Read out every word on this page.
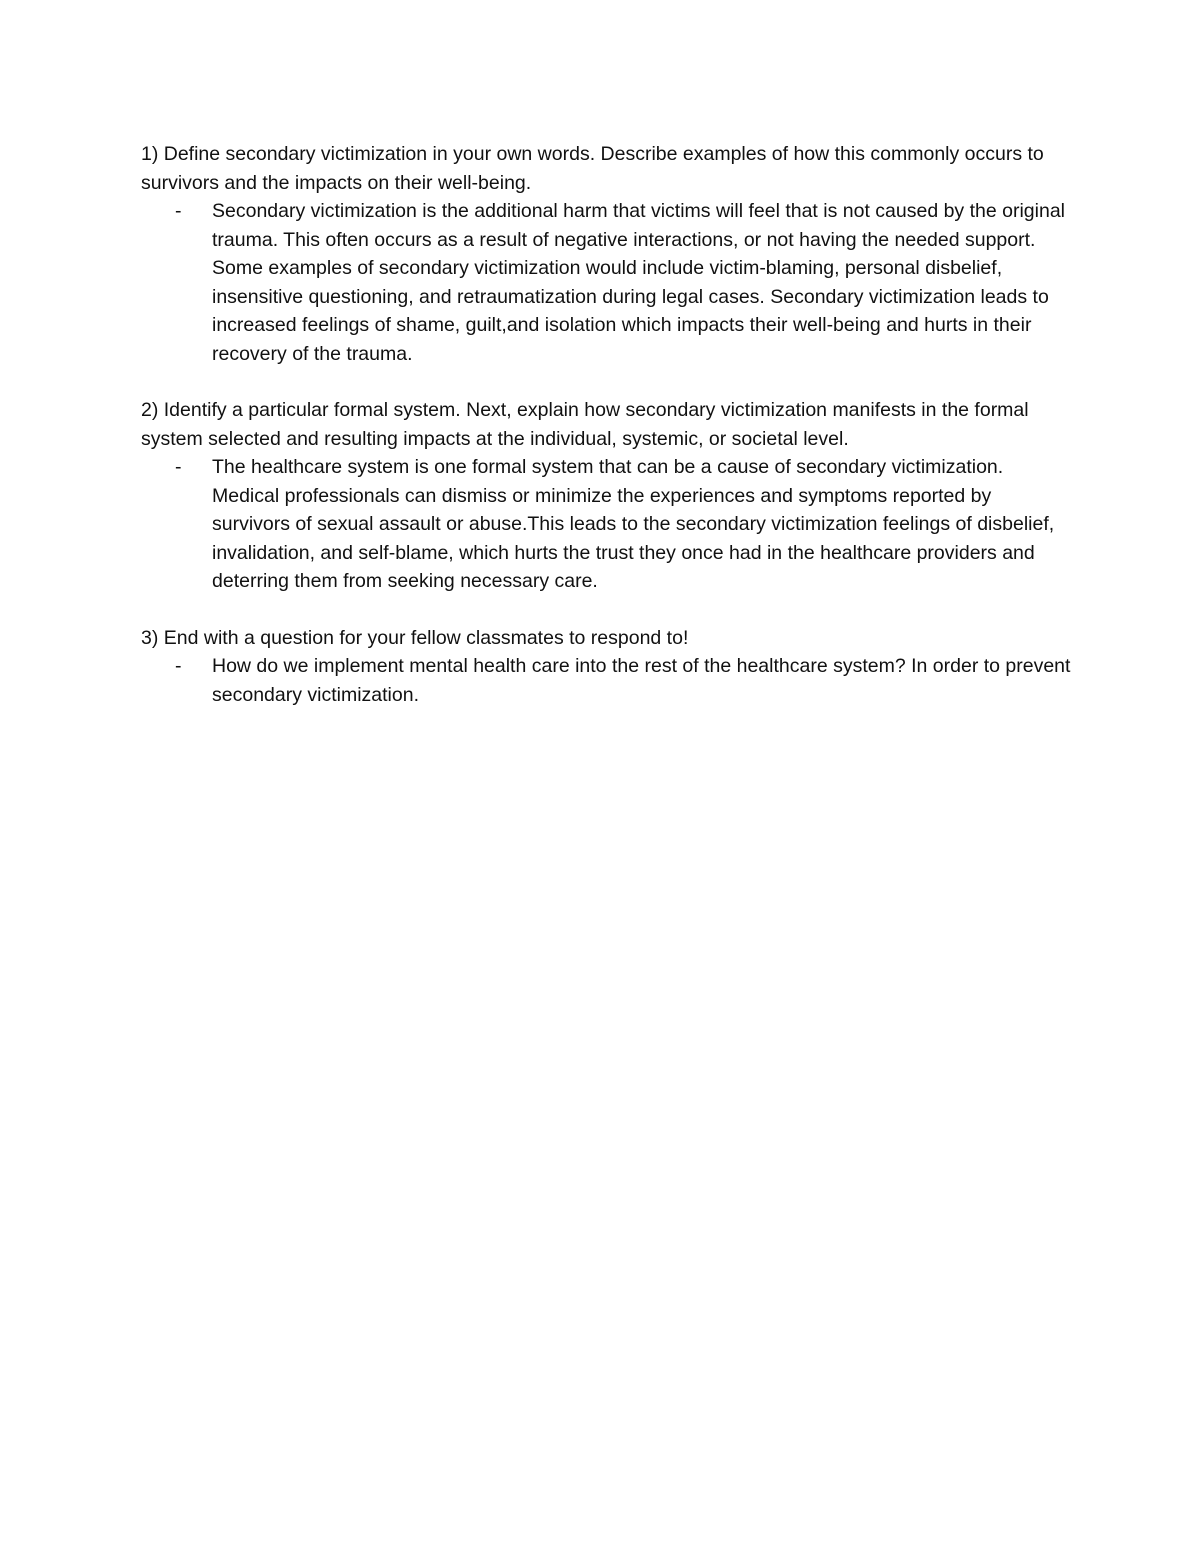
1) Define secondary victimization in your own words. Describe examples of how this commonly occurs to survivors and the impacts on their well-being.

-	Secondary victimization is the additional harm that victims will feel that is not caused by the original trauma. This often occurs as a result of negative interactions, or not having the needed support. Some examples of secondary victimization would include victim-blaming, personal disbelief, insensitive questioning, and retraumatization during legal cases. Secondary victimization leads to increased feelings of shame, guilt,and isolation which impacts their well-being and hurts in their recovery of the trauma.

2) Identify a particular formal system. Next, explain how secondary victimization manifests in the formal system selected and resulting impacts at the individual, systemic, or societal level.

-	The healthcare system is one formal system that can be a cause of secondary victimization. Medical professionals can dismiss or minimize the experiences and symptoms reported by survivors of sexual assault or abuse.This leads to the secondary victimization feelings of disbelief, invalidation, and self-blame, which hurts the trust they once had in the healthcare providers and deterring them from seeking necessary care.

3) End with a question for your fellow classmates to respond to!

-	How do we implement mental health care into the rest of the healthcare system? In order to prevent secondary victimization.
